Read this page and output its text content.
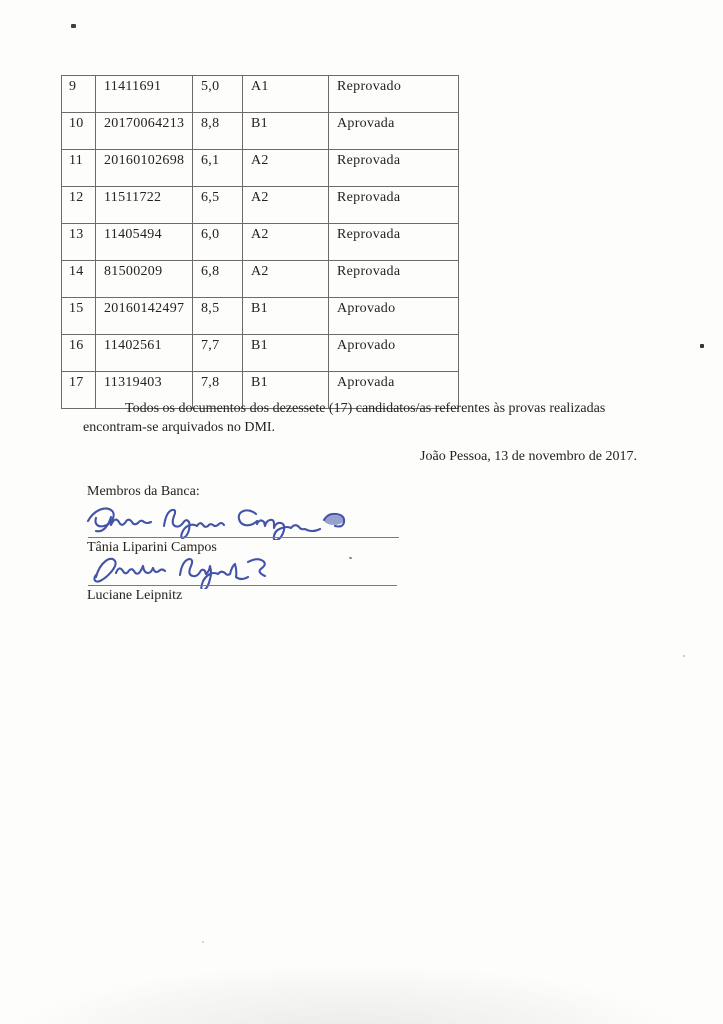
9	11411691	5,0	A1	Reprovado
10	20170064213	8,8	B1	Aprovada
11	20160102698	6,1	A2	Reprovada
12	11511722	6,5	A2	Reprovada
13	11405494	6,0	A2	Reprovada
14	81500209	6,8	A2	Reprovada
15	20160142497	8,5	B1	Aprovado
16	11402561	7,7	B1	Aprovado
17	11319403	7,8	B1	Aprovada
Todos os documentos dos dezessete (17) candidatos/as referentes às provas realizadas
encontram-se arquivados no DMI.
João Pessoa, 13 de novembro de 2017.
Membros da Banca:
Tânia Liparini Campos
Luciane Leipnitz
